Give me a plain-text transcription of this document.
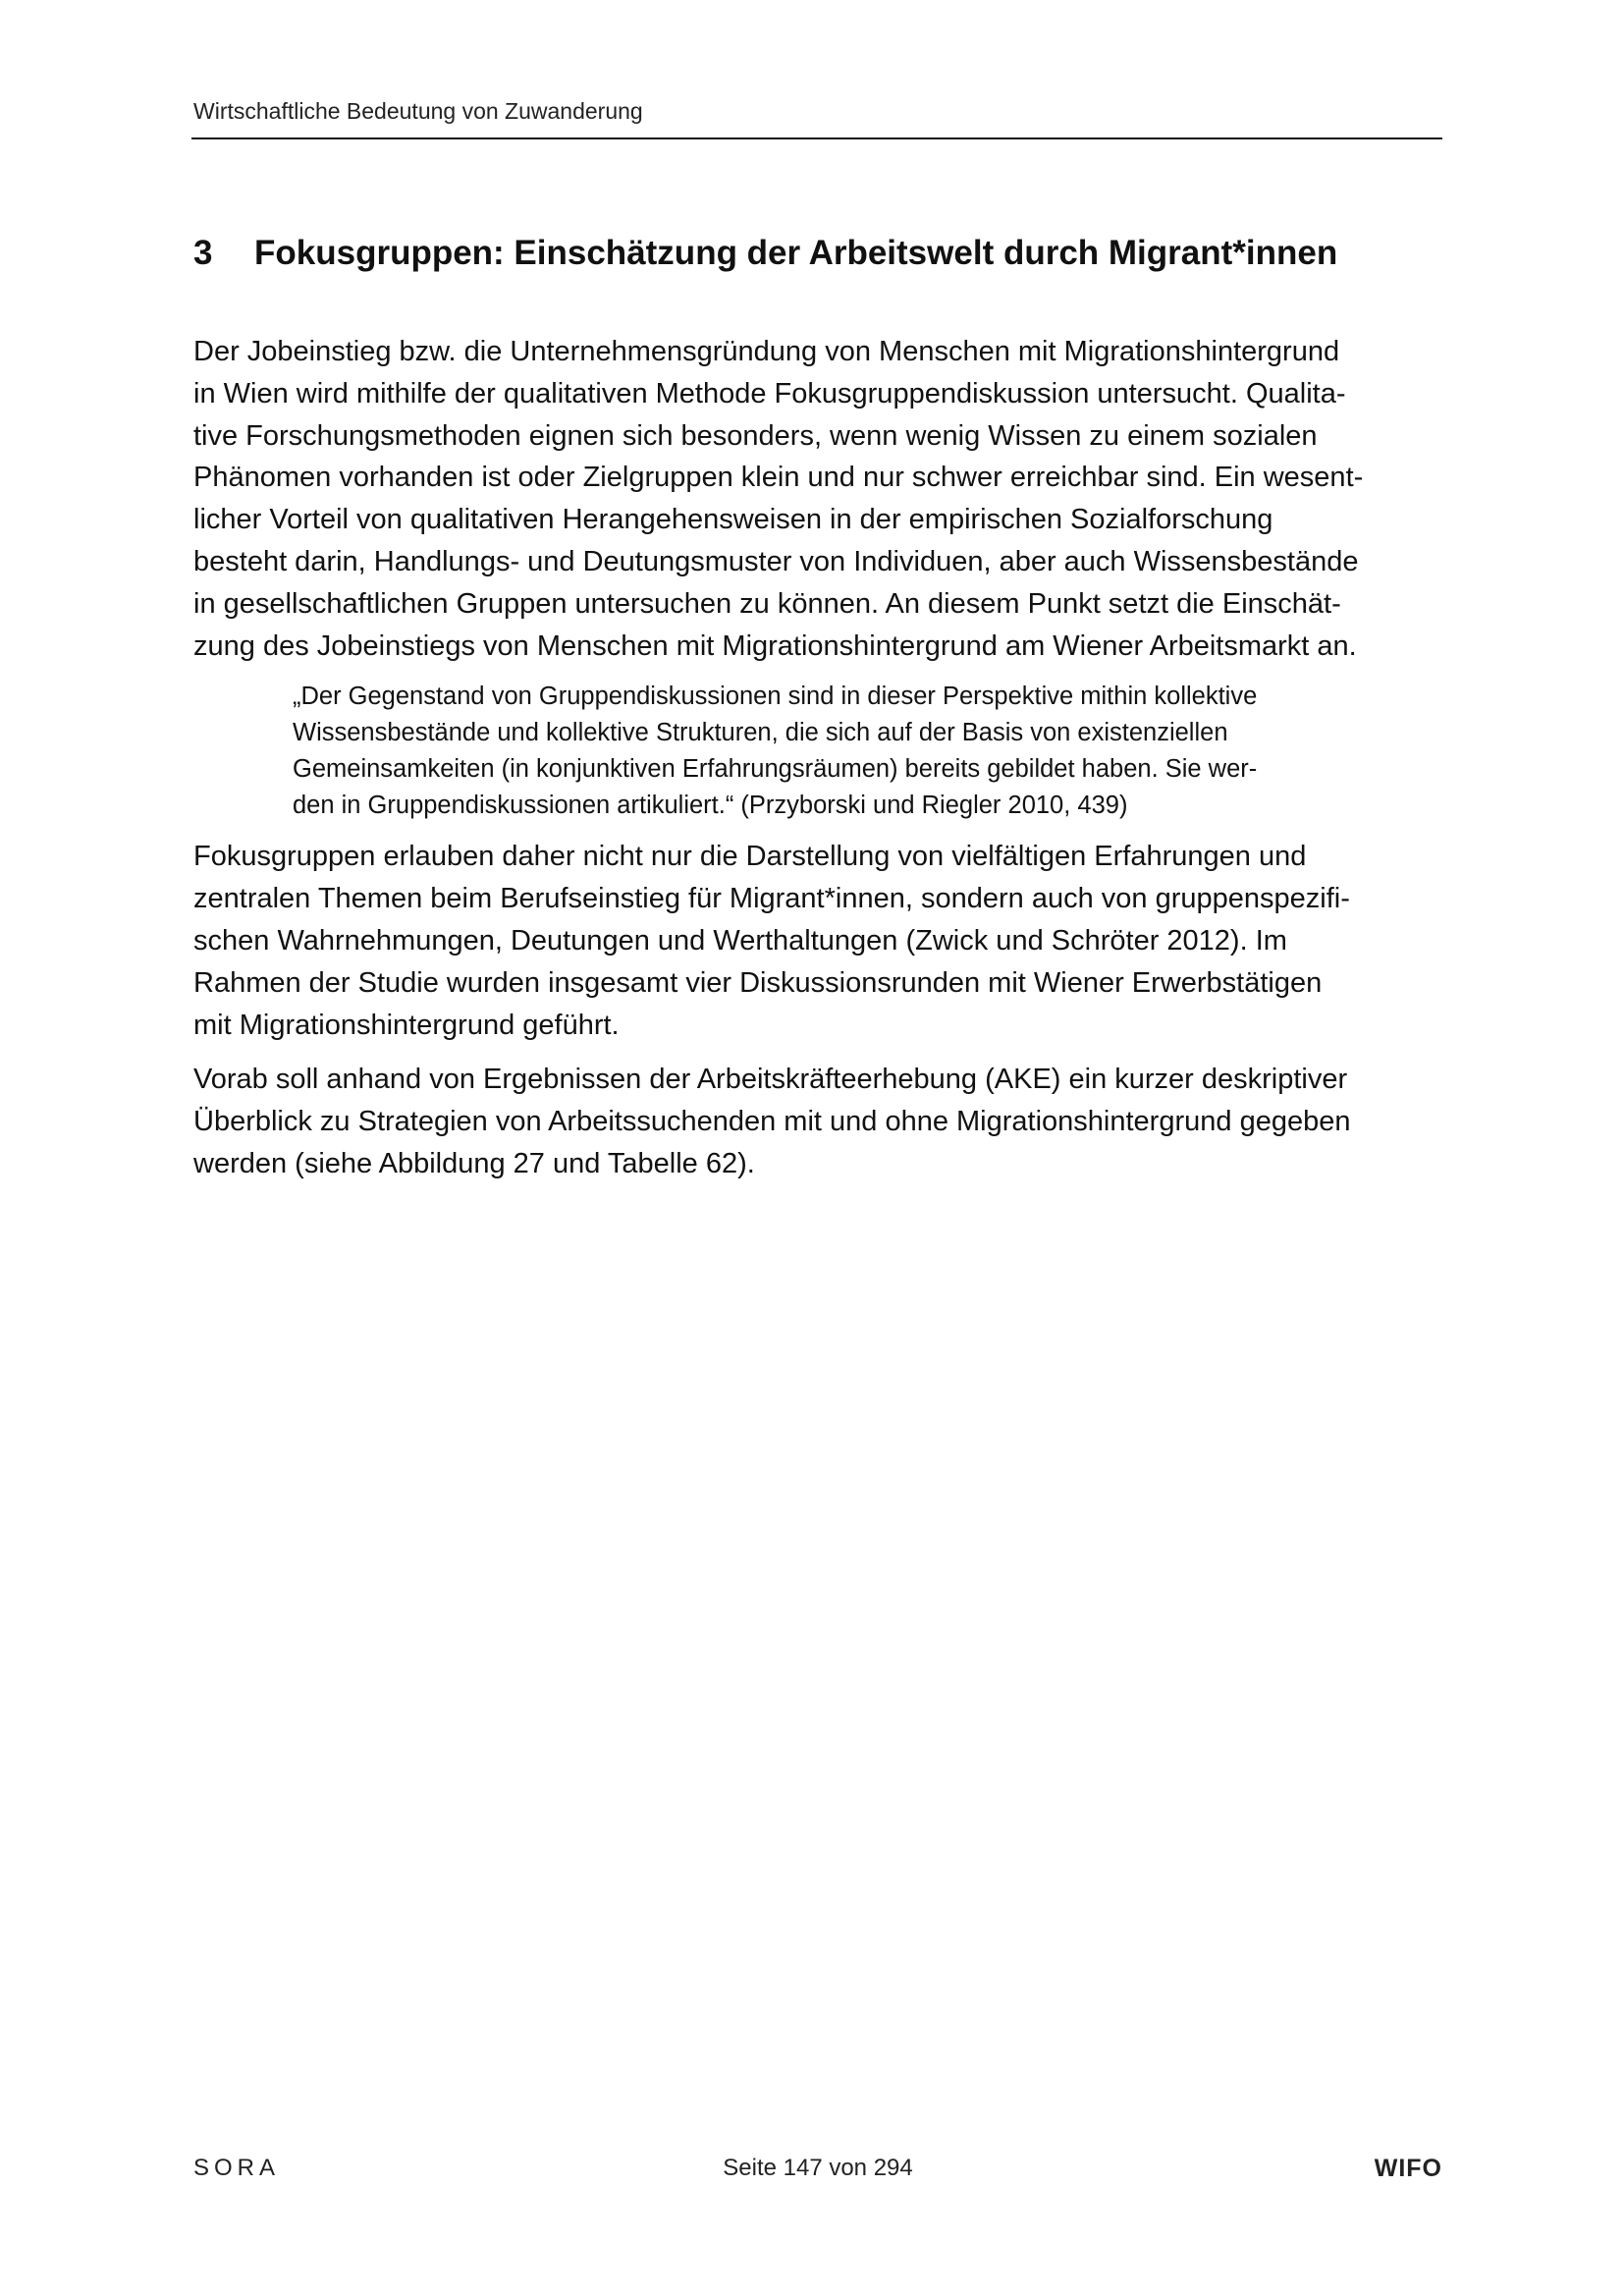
Wirtschaftliche Bedeutung von Zuwanderung
3 Fokusgruppen: Einschätzung der Arbeitswelt durch Migrant*innen

Der Jobeinstieg bzw. die Unternehmensgründung von Menschen mit Migrationshintergrund
in Wien wird mithilfe der qualitativen Methode Fokusgruppendiskussion untersucht. Qualita-
tive Forschungsmethoden eignen sich besonders, wenn wenig Wissen zu einem sozialen
Phänomen vorhanden ist oder Zielgruppen klein und nur schwer erreichbar sind. Ein wesent-
licher Vorteil von qualitativen Herangehensweisen in der empirischen Sozialforschung
besteht darin, Handlungs- und Deutungsmuster von Individuen, aber auch Wissensbestände
in gesellschaftlichen Gruppen untersuchen zu können. An diesem Punkt setzt die Einschät-
zung des Jobeinstiegs von Menschen mit Migrationshintergrund am Wiener Arbeitsmarkt an.

„Der Gegenstand von Gruppendiskussionen sind in dieser Perspektive mithin kollektive
Wissensbestände und kollektive Strukturen, die sich auf der Basis von existenziellen
Gemeinsamkeiten (in konjunktiven Erfahrungsräumen) bereits gebildet haben. Sie wer-
den in Gruppendiskussionen artikuliert.“ (Przyborski und Riegler 2010, 439)

Fokusgruppen erlauben daher nicht nur die Darstellung von vielfältigen Erfahrungen und
zentralen Themen beim Berufseinstieg für Migrant*innen, sondern auch von gruppenspezifi-
schen Wahrnehmungen, Deutungen und Werthaltungen (Zwick und Schröter 2012). Im
Rahmen der Studie wurden insgesamt vier Diskussionsrunden mit Wiener Erwerbstätigen
mit Migrationshintergrund geführt.

Vorab soll anhand von Ergebnissen der Arbeitskräfteerhebung (AKE) ein kurzer deskriptiver
Überblick zu Strategien von Arbeitssuchenden mit und ohne Migrationshintergrund gegeben
werden (siehe Abbildung 27 und Tabelle 62).

SORA	Seite 147 von 294	WIFO
